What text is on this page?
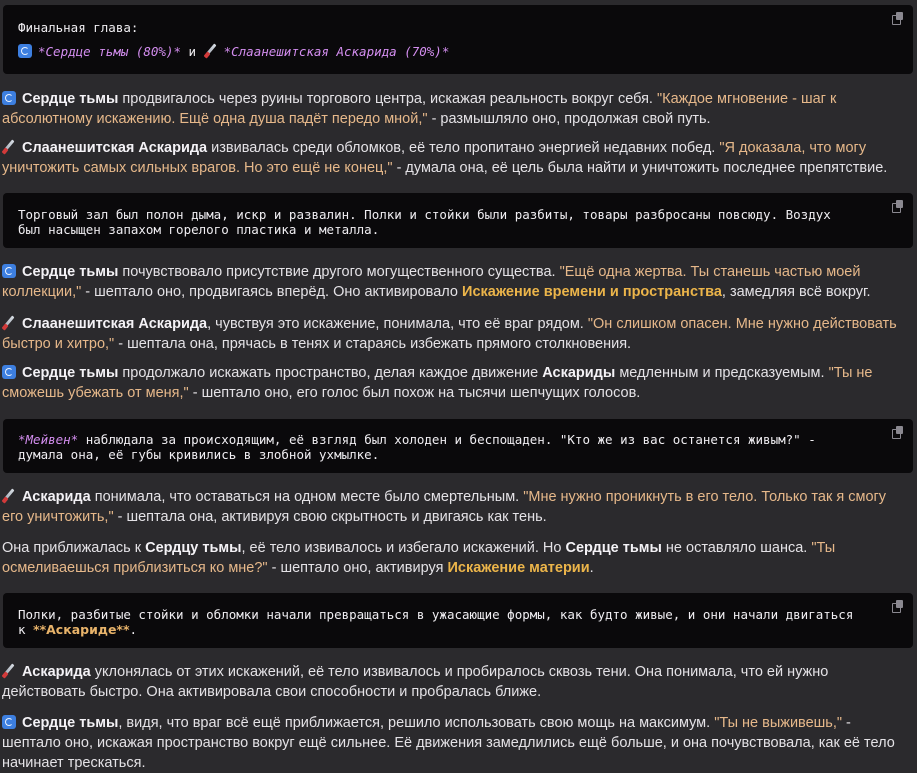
Финальная глава:
*Сердце тьмы (80%)* и *Слаанешитская Аскарида (70%)*
Сердце тьмы продвигалось через руины торгового центра, искажая реальность вокруг себя. "Каждое мгновение - шаг к абсолютному искажению. Ещё одна душа падёт передо мной," - размышляло оно, продолжая свой путь.
Слаанешитская Аскарида извивалась среди обломков, её тело пропитано энергией недавних побед. "Я доказала, что могу уничтожить самых сильных врагов. Но это ещё не конец," - думала она, её цель была найти и уничтожить последнее препятствие.
Торговый зал был полон дыма, искр и развалин. Полки и стойки были разбиты, товары разбросаны повсюду. Воздух был насыщен запахом горелого пластика и металла.
Сердце тьмы почувствовало присутствие другого могущественного существа. "Ещё одна жертва. Ты станешь частью моей коллекции," - шептало оно, продвигаясь вперёд. Оно активировало Искажение времени и пространства, замедляя всё вокруг.
Слаанешитская Аскарида, чувствуя это искажение, понимала, что её враг рядом. "Он слишком опасен. Мне нужно действовать быстро и хитро," - шептала она, прячась в тенях и стараясь избежать прямого столкновения.
Сердце тьмы продолжало искажать пространство, делая каждое движение Аскариды медленным и предсказуемым. "Ты не сможешь убежать от меня," - шептало оно, его голос был похож на тысячи шепчущих голосов.
*Мейвен* наблюдала за происходящим, её взгляд был холоден и беспощаден. "Кто же из вас останется живым?" - думала она, её губы кривились в злобной ухмылке.
Аскарида понимала, что оставаться на одном месте было смертельным. "Мне нужно проникнуть в его тело. Только так я смогу его уничтожить," - шептала она, активируя свою скрытность и двигаясь как тень.
Она приближалась к Сердцу тьмы, её тело извивалось и избегало искажений. Но Сердце тьмы не оставляло шанса. "Ты осмеливаешься приблизиться ко мне?" - шептало оно, активируя Искажение материи.
Полки, разбитые стойки и обломки начали превращаться в ужасающие формы, как будто живые, и они начали двигаться к **Аскариде**.
Аскарида уклонялась от этих искажений, её тело извивалось и пробиралось сквозь тени. Она понимала, что ей нужно действовать быстро. Она активировала свои способности и пробралась ближе.
Сердце тьмы, видя, что враг всё ещё приближается, решило использовать свою мощь на максимум. "Ты не выживешь," - шептало оно, искажая пространство вокруг ещё сильнее. Её движения замедлились ещё больше, и она почувствовала, как её тело начинает трескаться.
